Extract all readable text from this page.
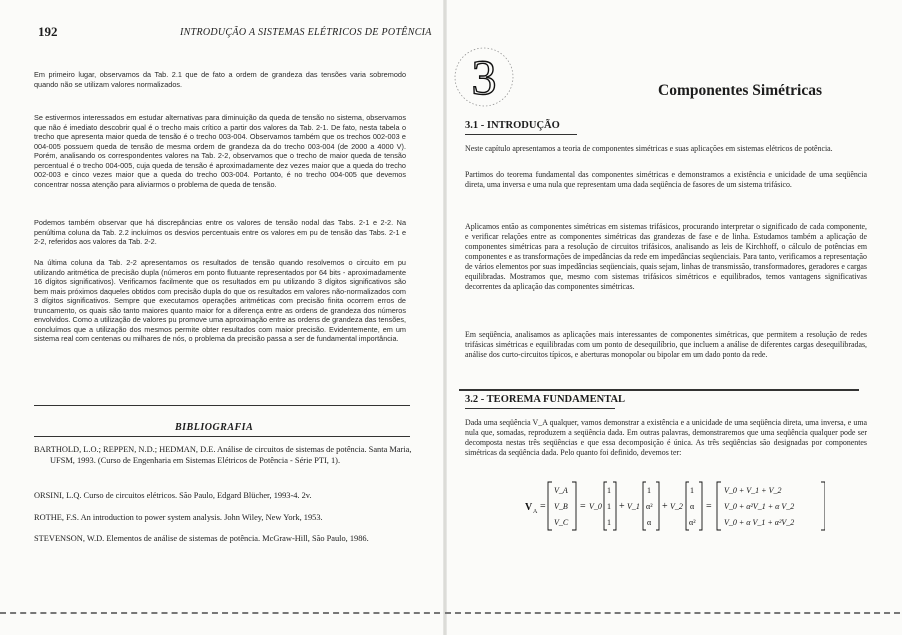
192	INTRODUÇÃO A SISTEMAS ELÉTRICOS DE POTÊNCIA
Em primeiro lugar, observamos da Tab. 2.1 que de fato a ordem de grandeza das tensões varia sobremodo quando não se utilizam valores normalizados.
Se estivermos interessados em estudar alternativas para diminuição da queda de tensão no sistema, observamos que não é imediato descobrir qual é o trecho mais crítico a partir dos valores da Tab. 2-1. De fato, nesta tabela o trecho que apresenta maior queda de tensão é o trecho 003-004. Observamos também que os trechos 002-003 e 004-005 possuem queda de tensão de mesma ordem de grandeza da do trecho 003-004 (de 2000 a 4000 V). Porém, analisando os correspondentes valores na Tab. 2-2, observamos que o trecho de maior queda de tensão percentual é o trecho 004-005, cuja queda de tensão é aproximadamente dez vezes maior que a queda do trecho 002-003 e cinco vezes maior que a queda do trecho 003-004. Portanto, é no trecho 004-005 que devemos concentrar nossa atenção para aliviarmos o problema de queda de tensão.
Podemos também observar que há discrepâncias entre os valores de tensão nodal das Tabs. 2-1 e 2-2. Na penúltima coluna da Tab. 2.2 incluímos os desvios percentuais entre os valores em pu de tensão das Tabs. 2-1 e 2-2, referidos aos valores da Tab. 2-2.
Na última coluna da Tab. 2-2 apresentamos os resultados de tensão quando resolvemos o circuito em pu utilizando aritmética de precisão dupla (números em ponto flutuante representados por 64 bits - aproximadamente 16 dígitos significativos). Verificamos facilmente que os resultados em pu utilizando 3 dígitos significativos são bem mais próximos daqueles obtidos com precisão dupla do que os resultados em valores não-normalizados com 3 dígitos significativos. Sempre que executamos operações aritméticas com precisão finita ocorrem erros de truncamento, os quais são tanto maiores quanto maior for a diferença entre as ordens de grandeza dos números envolvidos. Como a utilização de valores pu promove uma aproximação entre as ordens de grandeza das tensões, concluímos que a utilização dos mesmos permite obter resultados com maior precisão. Evidentemente, em um sistema real com centenas ou milhares de nós, o problema da precisão passa a ser de fundamental importância.
BIBLIOGRAFIA
BARTHOLD, L.O.; REPPEN, N.D.; HEDMAN, D.E. Análise de circuitos de sistemas de potência. Santa Maria, UFSM, 1993. (Curso de Engenharia em Sistemas Elétricos de Potência - Série PTI, 1).
ORSINI, L.Q. Curso de circuitos elétricos. São Paulo, Edgard Blücher, 1993-4. 2v.
ROTHE, F.S. An introduction to power system analysis. John Wiley, New York, 1953.
STEVENSON, W.D. Elementos de análise de sistemas de potência. McGraw-Hill, São Paulo, 1986.
3	Componentes Simétricas
3.1 - INTRODUÇÃO
Neste capítulo apresentamos a teoria de componentes simétricas e suas aplicações em sistemas elétricos de potência.
Partimos do teorema fundamental das componentes simétricas e demonstramos a existência e unicidade de uma seqüência direta, uma inversa e uma nula que representam uma dada seqüência de fasores de um sistema trifásico.
Aplicamos então as componentes simétricas em sistemas trifásicos, procurando interpretar o significado de cada componente, e verificar relações entre as componentes simétricas das grandezas de fase e de linha. Estudamos também a aplicação de componentes simétricas para a resolução de circuitos trifásicos, analisando as leis de Kirchhoff, o cálculo de potências em componentes e as transformações de impedâncias da rede em impedâncias seqüenciais. Para tanto, verificamos a representação de vários elementos por suas impedâncias seqüenciais, quais sejam, linhas de transmissão, transformadores, geradores e cargas equilibradas. Mostramos que, mesmo com sistemas trifásicos simétricos e equilibrados, temos vantagens significativas decorrentes da aplicação das componentes simétricas.
Em seqüência, analisamos as aplicações mais interessantes de componentes simétricas, que permitem a resolução de redes trifásicas simétricas e equilibradas com um ponto de desequilíbrio, que incluem a análise de diferentes cargas desequilibradas, análise dos curto-circuitos típicos, e aberturas monopolar ou bipolar em um dado ponto da rede.
3.2 - TEOREMA FUNDAMENTAL
Dada uma seqüência V_A qualquer, vamos demonstrar a existência e a unicidade de uma seqüência direta, uma inversa, e uma nula que, somadas, reproduzem a seqüência dada. Em outras palavras, demonstraremos que uma seqüência qualquer pode ser decomposta nestas três seqüências e que essa decomposição é única. As três seqüências são designadas por componentes simétricas da seqüência dada. Pelo quanto foi definido, devemos ter:
V A =
V_A
V_B
V_C
= V_0
1
1
1
+ V_1
1
α²
α
+ V_2
1
α
α²
=
V_0 + V_1 + V_2
V_0 + α²V_1 + α V_2
V_0 + α V_1 + α²V_2
